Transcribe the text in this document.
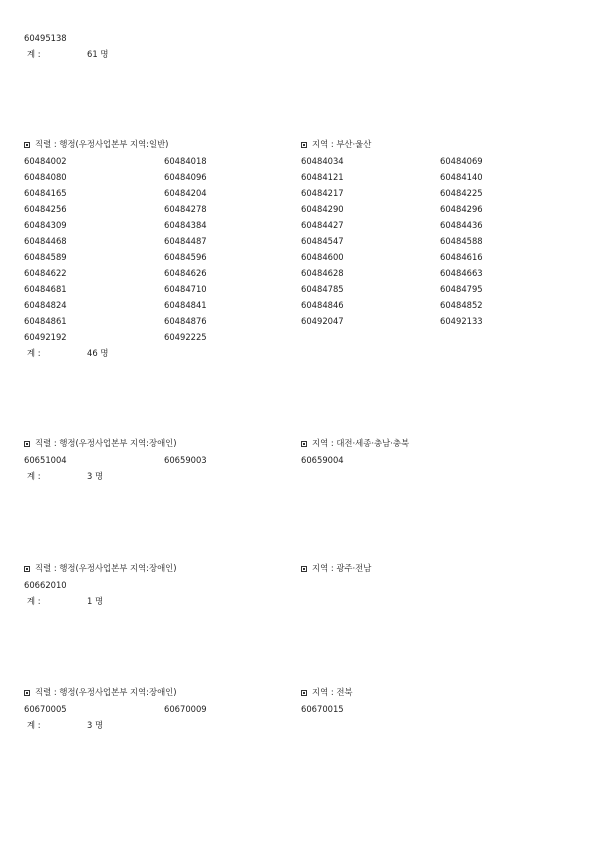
60495138
계 :	61 명
직렬 : 행정(우정사업본부 지역:일반)	지역 : 부산·울산
60484002	60484018	60484034	60484069
60484080	60484096	60484121	60484140
60484165	60484204	60484217	60484225
60484256	60484278	60484290	60484296
60484309	60484384	60484427	60484436
60484468	60484487	60484547	60484588
60484589	60484596	60484600	60484616
60484622	60484626	60484628	60484663
60484681	60484710	60484785	60484795
60484824	60484841	60484846	60484852
60484861	60484876	60492047	60492133
60492192	60492225
계 :	46 명
직렬 : 행정(우정사업본부 지역:장애인)	지역 : 대전·세종·충남·충북
60651004	60659003	60659004
계 :	3 명
직렬 : 행정(우정사업본부 지역:장애인)	지역 : 광주·전남
60662010
계 :	1 명
직렬 : 행정(우정사업본부 지역:장애인)	지역 : 전북
60670005	60670009	60670015
계 :	3 명
